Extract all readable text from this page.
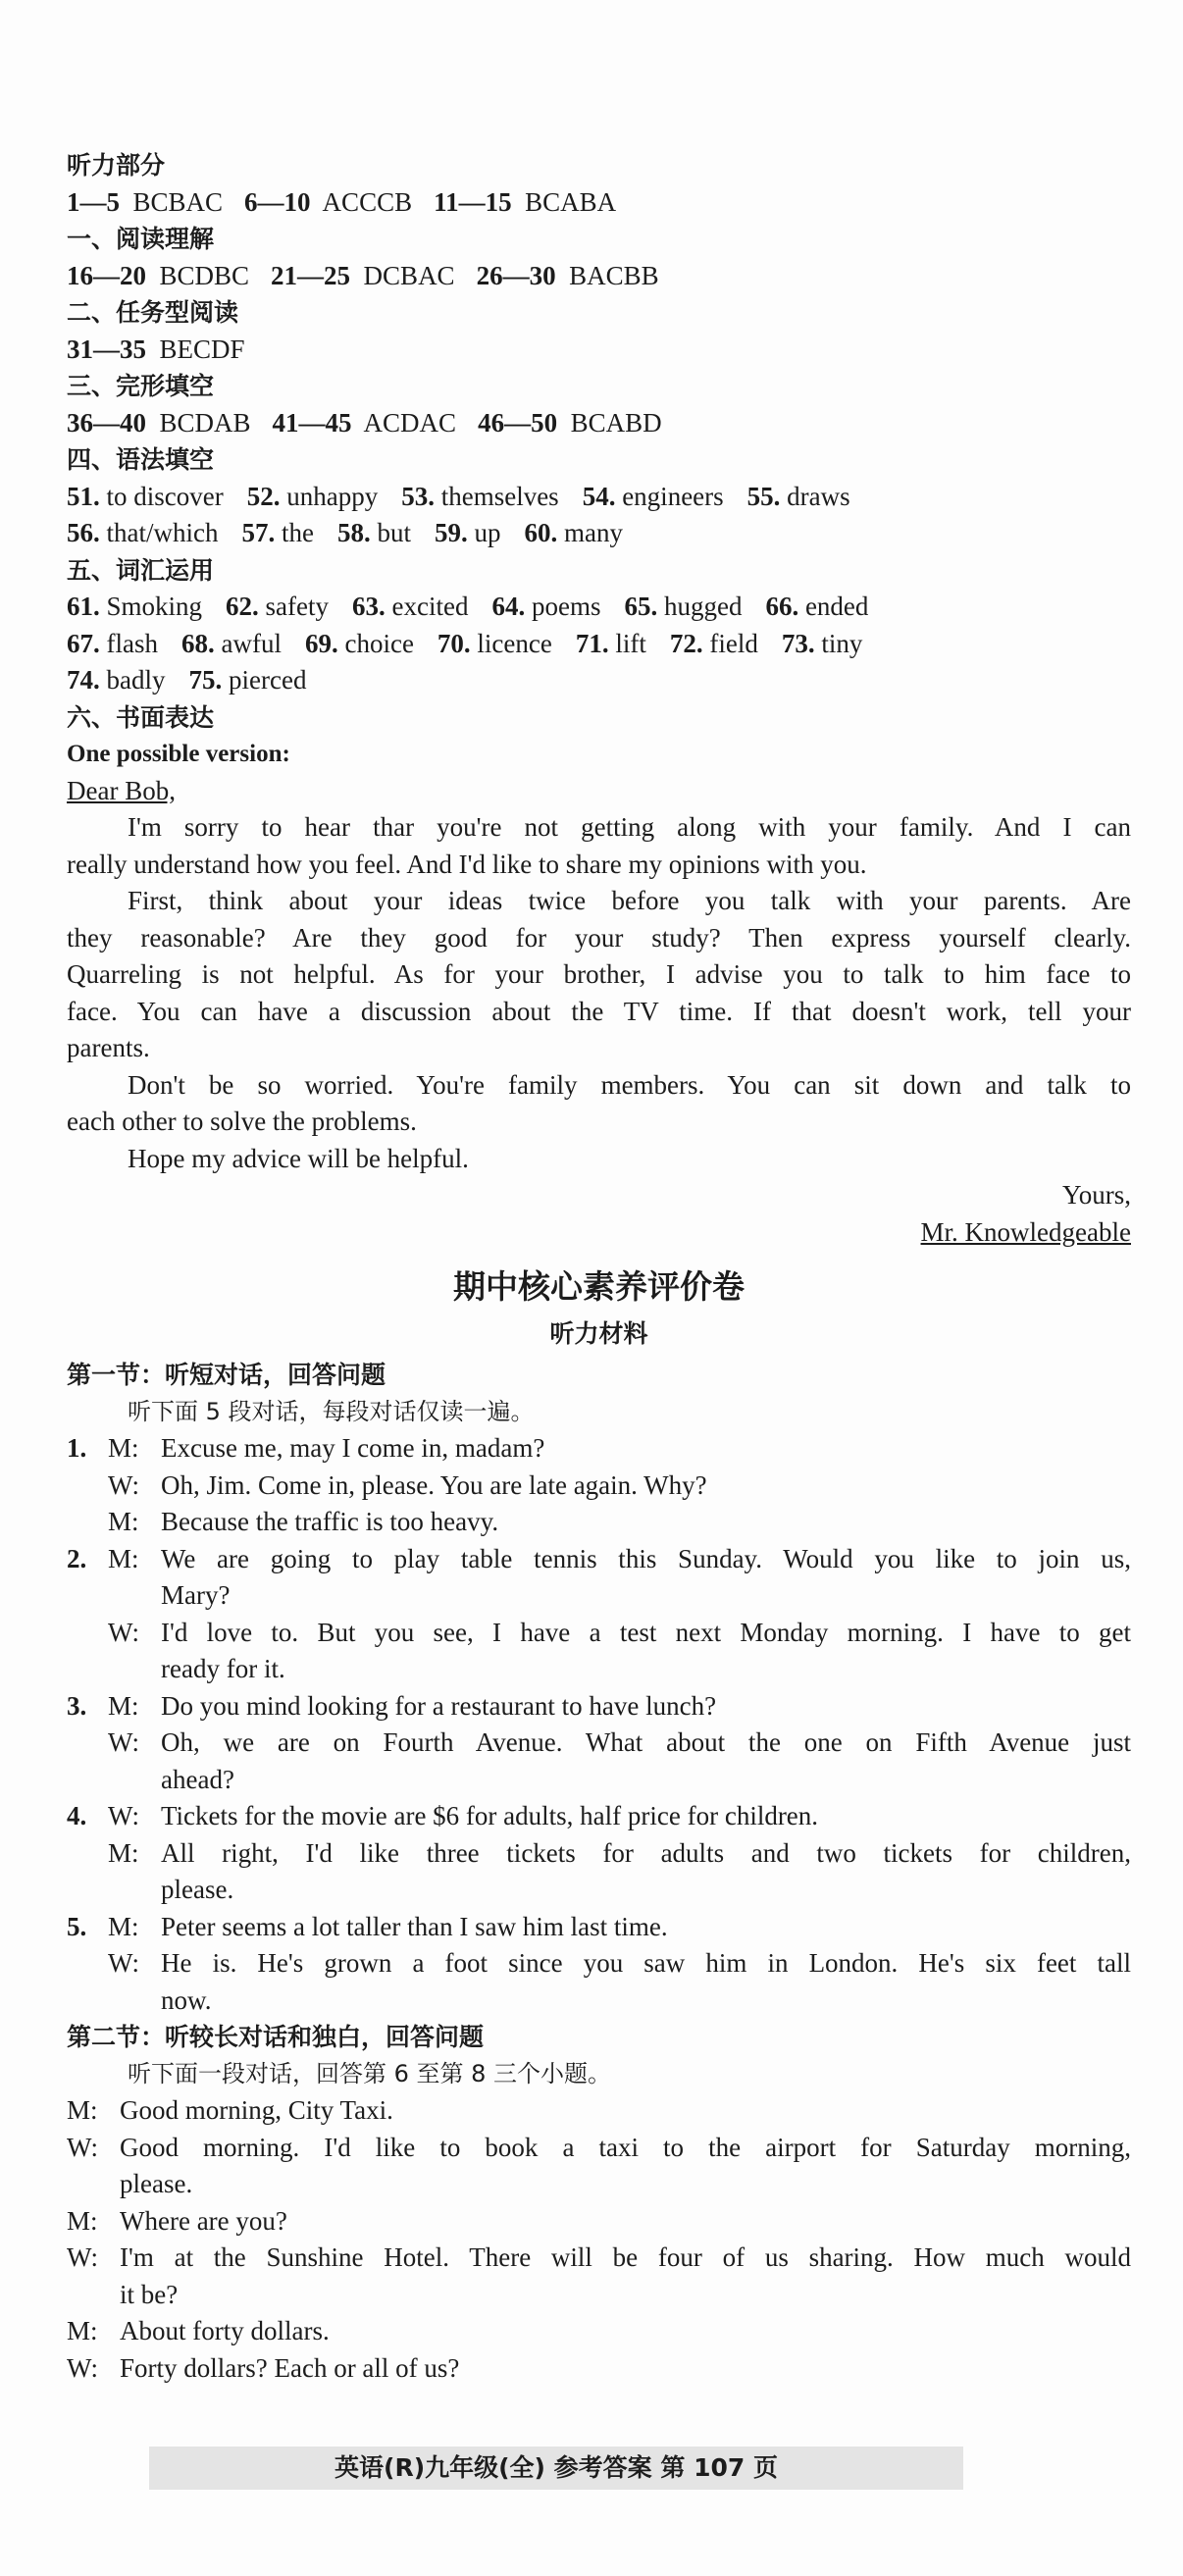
听力部分
1—5  BCBAC 6—10  ACCCB 11—15  BCABA
一、阅读理解
16—20  BCDBC 21—25  DCBAC 26—30  BACBB
二、任务型阅读
31—35  BECDF
三、完形填空
36—40  BCDAB 41—45  ACDAC 46—50  BCABD
四、语法填空
51. to discover 52. unhappy 53. themselves 54. engineers 55. draws
56. that/which 57. the 58. but 59. up 60. many
五、词汇运用
61. Smoking 62. safety 63. excited 64. poems 65. hugged 66. ended
67. flash 68. awful 69. choice 70. licence 71. lift 72. field 73. tiny
74. badly 75. pierced
六、书面表达
One possible version:
Dear Bob,
I'm sorry to hear thar you're not getting along with your family. And I can
really understand how you feel. And I'd like to share my opinions with you.
First, think about your ideas twice before you talk with your parents. Are
they reasonable? Are they good for your study? Then express yourself clearly.
Quarreling is not helpful. As for your brother, I advise you to talk to him face to
face. You can have a discussion about the TV time. If that doesn't work, tell your
parents.
Don't be so worried. You're family members. You can sit down and talk to
each other to solve the problems.
Hope my advice will be helpful.
Yours,
Mr. Knowledgeable
期中核心素养评价卷
听力材料
第一节：听短对话，回答问题
听下面 5 段对话，每段对话仅读一遍。
1. M: Excuse me, may I come in, madam?
W: Oh, Jim. Come in, please. You are late again. Why?
M: Because the traffic is too heavy.
2. M: We are going to play table tennis this Sunday. Would you like to join us,
Mary?
W: I'd love to. But you see, I have a test next Monday morning. I have to get
ready for it.
3. M: Do you mind looking for a restaurant to have lunch?
W: Oh, we are on Fourth Avenue. What about the one on Fifth Avenue just
ahead?
4. W: Tickets for the movie are $6 for adults, half price for children.
M: All right, I'd like three tickets for adults and two tickets for children,
please.
5. M: Peter seems a lot taller than I saw him last time.
W: He is. He's grown a foot since you saw him in London. He's six feet tall
now.
第二节：听较长对话和独白，回答问题
听下面一段对话，回答第 6 至第 8 三个小题。
M: Good morning, City Taxi.
W: Good morning. I'd like to book a taxi to the airport for Saturday morning,
please.
M: Where are you?
W: I'm at the Sunshine Hotel. There will be four of us sharing. How much would
it be?
M: About forty dollars.
W: Forty dollars? Each or all of us?
英语(R)九年级(全) 参考答案 第 107 页
